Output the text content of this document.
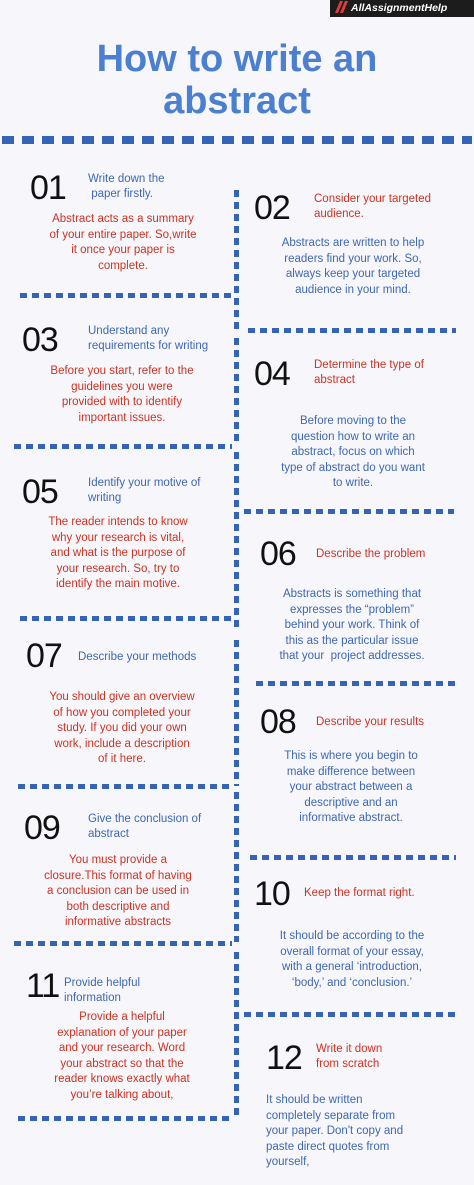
AllAssignmentHelp
How to write an
abstract
01 Write down the
paper firstly.
Abstract acts as a summary
of your entire paper. So,write
it once your paper is
complete.
02 Consider your targeted
audience.
Abstracts are written to help
readers find your work. So,
always keep your targeted
audience in your mind.
03	Understand any
requirements for writing
Before you start, refer to the
guidelines you were
provided with to identify
important issues.
04 Determine the type of
abstract
Before moving to the
question how to write an
abstract, focus on which
type of abstract do you want
to write.
05	Identify your motive of
writing
The reader intends to know
why your research is vital,
and what is the purpose of
your research. So, try to
identify the main motive.
06 Describe the problem
Abstracts is something that
expresses the “problem”
behind your work. Think of
this as the particular issue
that your  project addresses.
07 Describe your methods
You should give an overview
of how you completed your
study. If you did your own
work, include a description
of it here.
08 Describe your results
This is where you begin to
make difference between
your abstract between a
descriptive and an
informative abstract.
09 Give the conclusion of
abstract
You must provide a
closure.This format of having
a conclusion can be used in
both descriptive and
informative abstracts
10 Keep the format right.
It should be according to the
overall format of your essay,
with a general ‘introduction,
‘body,’ and ‘conclusion.’
11 Provide helpful
information
Provide a helpful
explanation of your paper
and your research. Word
your abstract so that the
reader knows exactly what
you’re talking about,
12 Write it down
from scratch
It should be written
completely separate from
your paper. Don't copy and
paste direct quotes from
yourself,
